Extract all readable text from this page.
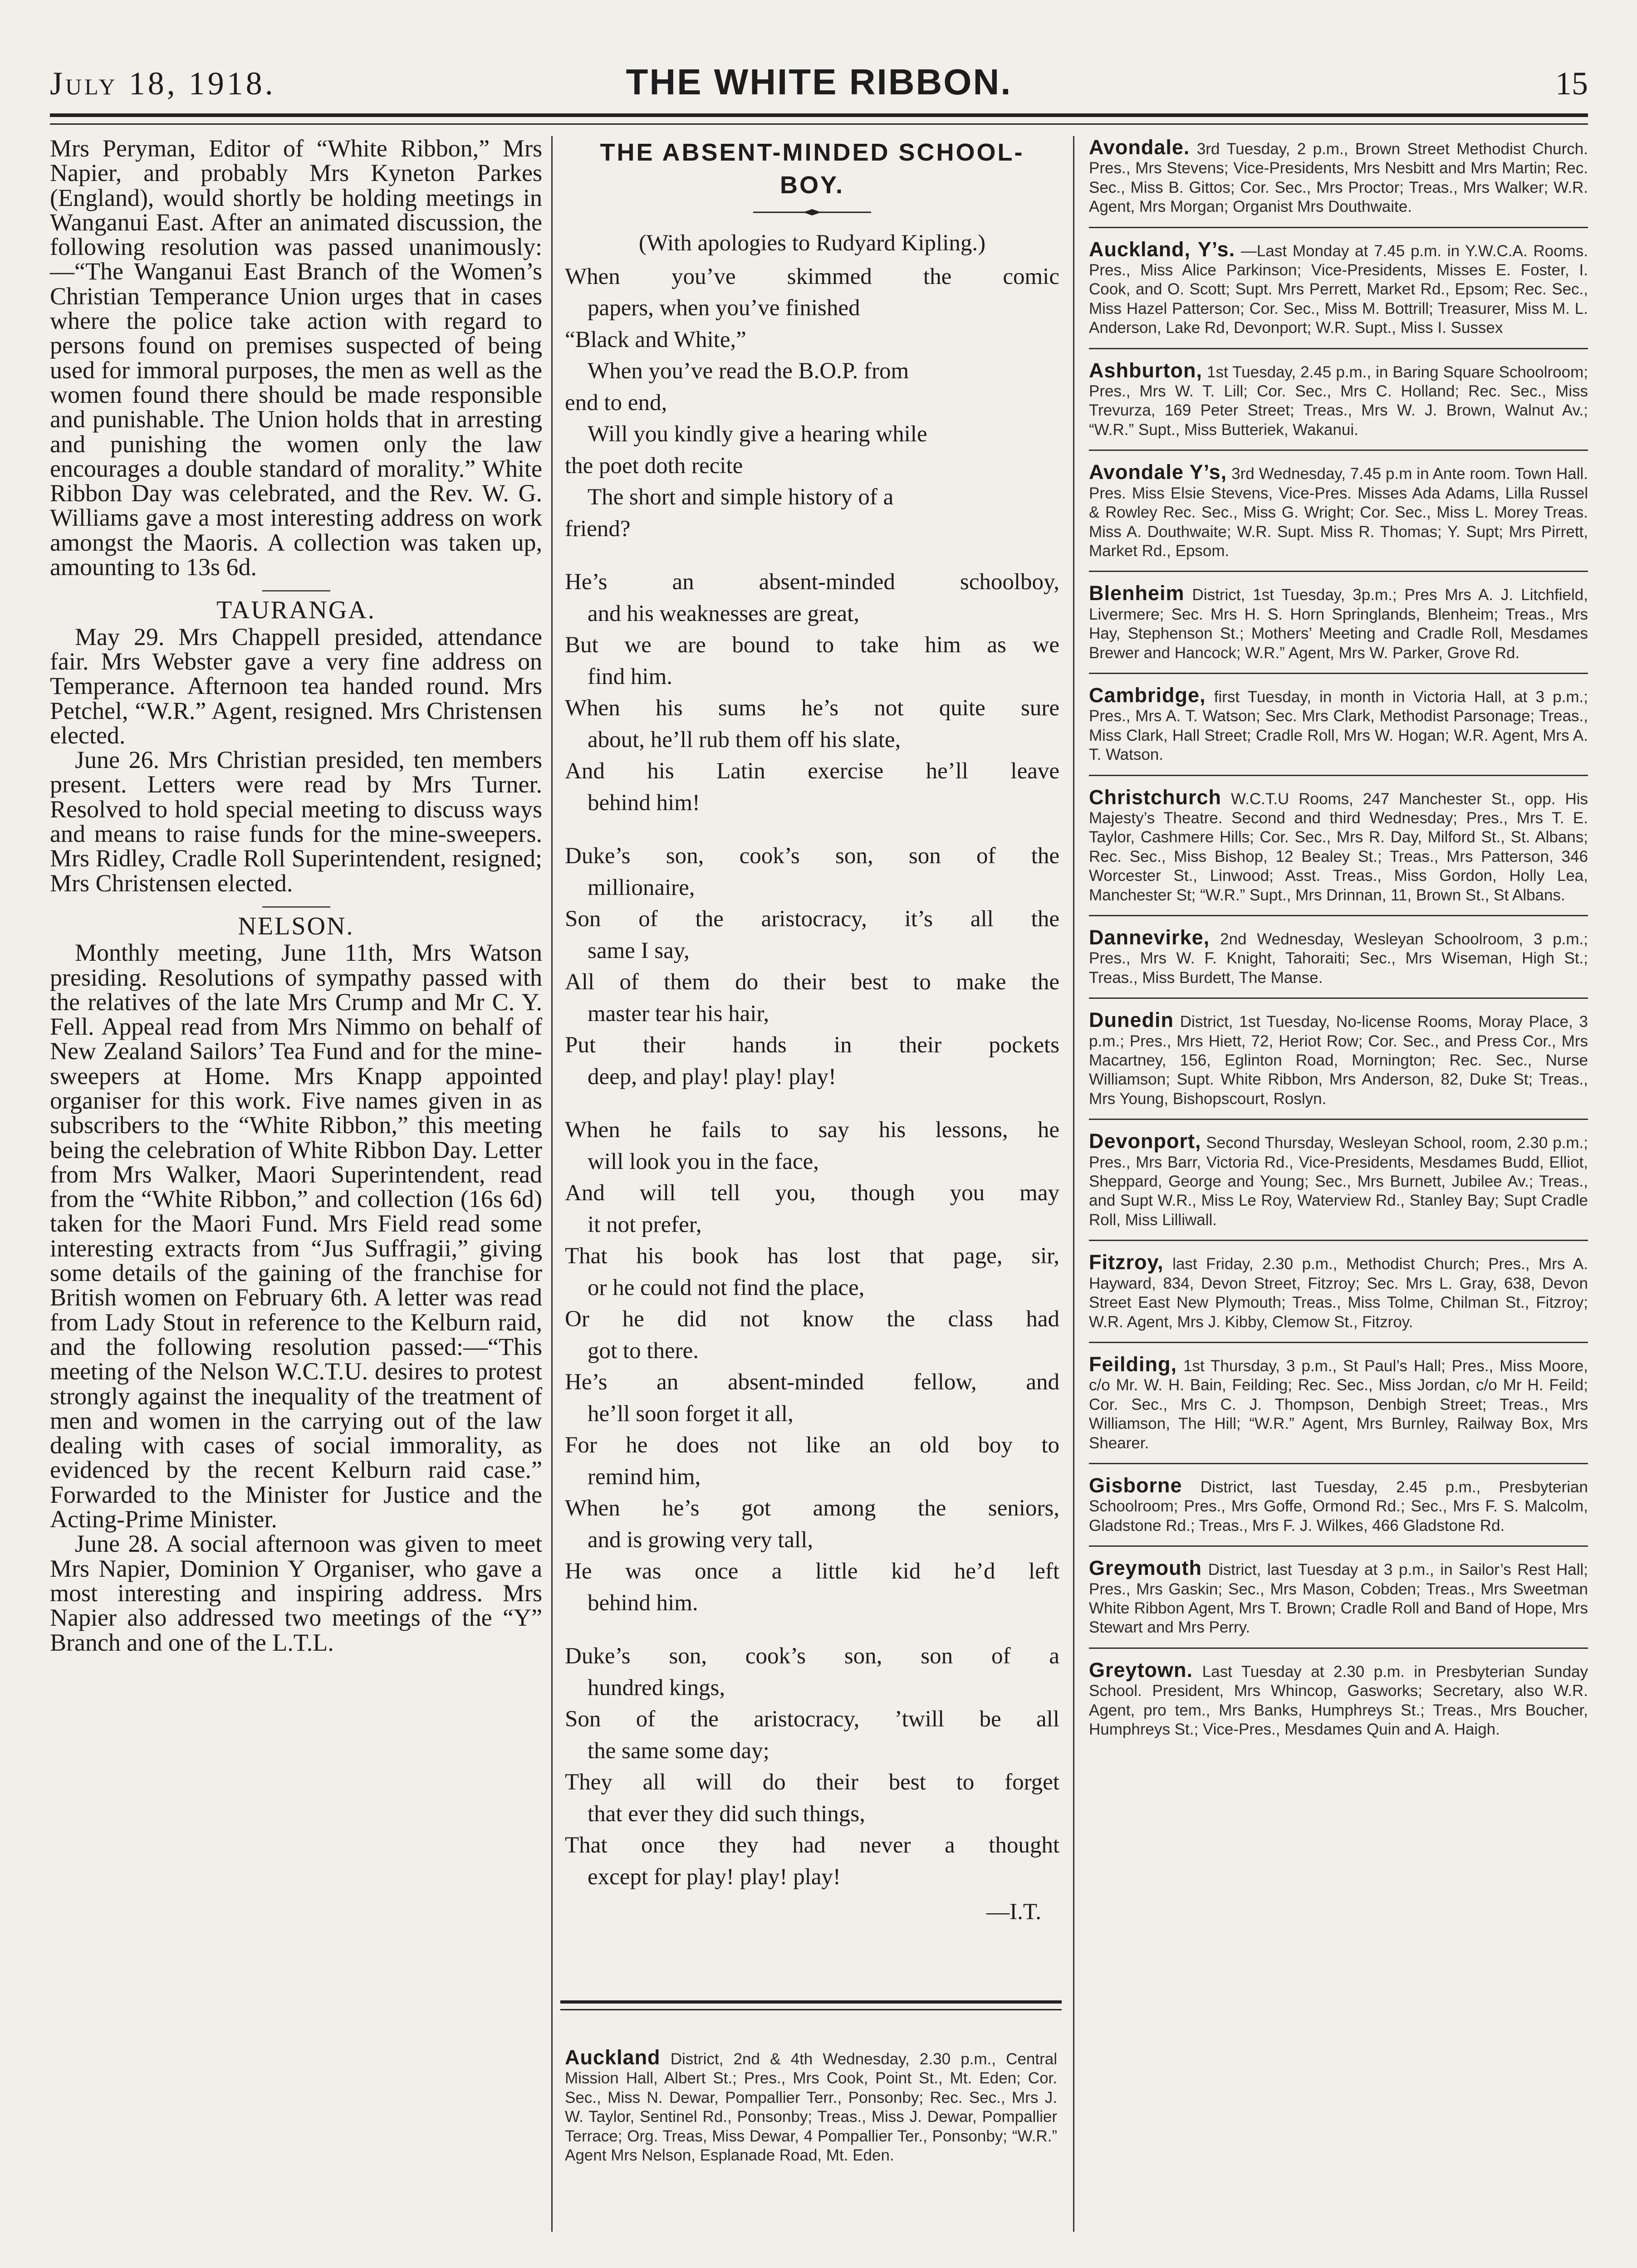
July 18, 1918.	THE WHITE RIBBON.	15

Mrs Peryman, Editor of “White Ribbon,” Mrs Napier, and probably Mrs Kyneton Parkes (England), would shortly be holding meetings in Wanganui East. After an animated discussion, the following resolution was passed unanimously:—“The Wanganui East Branch of the Women’s Christian Temperance Union urges that in cases where the police take action with regard to persons found on premises suspected of being used for immoral purposes, the men as well as the women found there should be made responsible and punishable. The Union holds that in arresting and punishing the women only the law encourages a double standard of morality.” White Ribbon Day was celebrated, and the Rev. W. G. Williams gave a most interesting address on work amongst the Maoris. A collection was taken up, amounting to 13s 6d.

TAURANGA.

May 29. Mrs Chappell presided, attendance fair. Mrs Webster gave a very fine address on Temperance. Afternoon tea handed round. Mrs Petchel, “W.R.” Agent, resigned. Mrs Christensen elected.

June 26. Mrs Christian presided, ten members present. Letters were read by Mrs Turner. Resolved to hold special meeting to discuss ways and means to raise funds for the mine-sweepers. Mrs Ridley, Cradle Roll Superintendent, resigned; Mrs Christensen elected.

NELSON.

Monthly meeting, June 11th, Mrs Watson presiding. Resolutions of sympathy passed with the relatives of the late Mrs Crump and Mr C. Y. Fell. Appeal read from Mrs Nimmo on behalf of New Zealand Sailors’ Tea Fund and for the mine-sweepers at Home. Mrs Knapp appointed organiser for this work. Five names given in as subscribers to the “White Ribbon,” this meeting being the celebration of White Ribbon Day. Letter from Mrs Walker, Maori Superintendent, read from the “White Ribbon,” and collection (16s 6d) taken for the Maori Fund. Mrs Field read some interesting extracts from “Jus Suffragii,” giving some details of the gaining of the franchise for British women on February 6th. A letter was read from Lady Stout in reference to the Kelburn raid, and the following resolution passed:—“This meeting of the Nelson W.C.T.U. desires to protest strongly against the inequality of the treatment of men and women in the carrying out of the law dealing with cases of social immorality, as evidenced by the recent Kelburn raid case.” Forwarded to the Minister for Justice and the Acting-Prime Minister.

June 28. A social afternoon was given to meet Mrs Napier, Dominion Y Organiser, who gave a most interesting and inspiring address. Mrs Napier also addressed two meetings of the “Y” Branch and one of the L.T.L.

THE ABSENT-MINDED SCHOOL-
BOY.
(With apologies to Rudyard Kipling.)
When you’ve skimmed the comic
papers, when you’ve finished
“Black and White,”
When you’ve read the B.O.P. from
end to end,
Will you kindly give a hearing while
the poet doth recite
The short and simple history of a
friend?
He’s an absent-minded schoolboy,
and his weaknesses are great,
But we are bound to take him as we
find him.
When his sums he’s not quite sure
about, he’ll rub them off his slate,
And his Latin exercise he’ll leave
behind him!
Duke’s son, cook’s son, son of the
millionaire,
Son of the aristocracy, it’s all the
same I say,
All of them do their best to make the
master tear his hair,
Put their hands in their pockets
deep, and play! play! play!
When he fails to say his lessons, he
will look you in the face,
And will tell you, though you may
it not prefer,
That his book has lost that page, sir,
or he could not find the place,
Or he did not know the class had
got to there.
He’s an absent-minded fellow, and
he’ll soon forget it all,
For he does not like an old boy to
remind him,
When he’s got among the seniors,
and is growing very tall,
He was once a little kid he’d left
behind him.
Duke’s son, cook’s son, son of a
hundred kings,
Son of the aristocracy, ’twill be all
the same some day;
They all will do their best to forget
that ever they did such things,
That once they had never a thought
except for play! play! play!
—I.T.
Auckland District, 2nd & 4th Wednesday, 2.30 p.m., Central Mission Hall, Albert St.; Pres., Mrs Cook, Point St., Mt. Eden; Cor. Sec., Miss N. Dewar, Pompallier Terr., Ponsonby; Rec. Sec., Mrs J. W. Taylor, Sentinel Rd., Ponsonby; Treas., Miss J. Dewar, Pompallier Terrace; Org. Treas, Miss Dewar, 4 Pompallier Ter., Ponsonby; “W.R.” Agent Mrs Nelson, Esplanade Road, Mt. Eden.
Avondale. 3rd Tuesday, 2 p.m., Brown Street Methodist Church. Pres., Mrs Stevens; Vice-Presidents, Mrs Nesbitt and Mrs Martin; Rec. Sec., Miss B. Gittos; Cor. Sec., Mrs Proctor; Treas., Mrs Walker; W.R. Agent, Mrs Morgan; Organist Mrs Douthwaite.
Auckland, Y’s. —Last Monday at 7.45 p.m. in Y.W.C.A. Rooms. Pres., Miss Alice Parkinson; Vice-Presidents, Misses E. Foster, I. Cook, and O. Scott; Supt. Mrs Perrett, Market Rd., Epsom; Rec. Sec., Miss Hazel Patterson; Cor. Sec., Miss M. Bottrill; Treasurer, Miss M. L. Anderson, Lake Rd, Devonport; W.R. Supt., Miss I. Sussex
Ashburton, 1st Tuesday, 2.45 p.m., in Baring Square Schoolroom; Pres., Mrs W. T. Lill; Cor. Sec., Mrs C. Holland; Rec. Sec., Miss Trevurza, 169 Peter Street; Treas., Mrs W. J. Brown, Walnut Av.; “W.R.” Supt., Miss Butteriek, Wakanui.
Avondale Y’s, 3rd Wednesday, 7.45 p.m in Ante room. Town Hall. Pres. Miss Elsie Stevens, Vice-Pres. Misses Ada Adams, Lilla Russel & Rowley Rec. Sec., Miss G. Wright; Cor. Sec., Miss L. Morey Treas. Miss A. Douthwaite; W.R. Supt. Miss R. Thomas; Y. Supt; Mrs Pirrett, Market Rd., Epsom.
Blenheim District, 1st Tuesday, 3p.m.; Pres Mrs A. J. Litchfield, Livermere; Sec. Mrs H. S. Horn Springlands, Blenheim; Treas., Mrs Hay, Stephenson St.; Mothers’ Meeting and Cradle Roll, Mesdames Brewer and Hancock; W.R.” Agent, Mrs W. Parker, Grove Rd.
Cambridge, first Tuesday, in month in Victoria Hall, at 3 p.m.; Pres., Mrs A. T. Watson; Sec. Mrs Clark, Methodist Parsonage; Treas., Miss Clark, Hall Street; Cradle Roll, Mrs W. Hogan; W.R. Agent, Mrs A. T. Watson.
Christchurch W.C.T.U Rooms, 247 Manchester St., opp. His Majesty’s Theatre. Second and third Wednesday; Pres., Mrs T. E. Taylor, Cashmere Hills; Cor. Sec., Mrs R. Day, Milford St., St. Albans; Rec. Sec., Miss Bishop, 12 Bealey St.; Treas., Mrs Patterson, 346 Worcester St., Linwood; Asst. Treas., Miss Gordon, Holly Lea, Manchester St; “W.R.” Supt., Mrs Drinnan, 11, Brown St., St Albans.
Dannevirke, 2nd Wednesday, Wesleyan Schoolroom, 3 p.m.; Pres., Mrs W. F. Knight, Tahoraiti; Sec., Mrs Wiseman, High St.; Treas., Miss Burdett, The Manse.
Dunedin District, 1st Tuesday, No-license Rooms, Moray Place, 3 p.m.; Pres., Mrs Hiett, 72, Heriot Row; Cor. Sec., and Press Cor., Mrs Macartney, 156, Eglinton Road, Mornington; Rec. Sec., Nurse Williamson; Supt. White Ribbon, Mrs Anderson, 82, Duke St; Treas., Mrs Young, Bishopscourt, Roslyn.
Devonport, Second Thursday, Wesleyan School, room, 2.30 p.m.; Pres., Mrs Barr, Victoria Rd., Vice-Presidents, Mesdames Budd, Elliot, Sheppard, George and Young; Sec., Mrs Burnett, Jubilee Av.; Treas., and Supt W.R., Miss Le Roy, Waterview Rd., Stanley Bay; Supt Cradle Roll, Miss Lilliwall.
Fitzroy, last Friday, 2.30 p.m., Methodist Church; Pres., Mrs A. Hayward, 834, Devon Street, Fitzroy; Sec. Mrs L. Gray, 638, Devon Street East New Plymouth; Treas., Miss Tolme, Chilman St., Fitzroy; W.R. Agent, Mrs J. Kibby, Clemow St., Fitzroy.
Feilding, 1st Thursday, 3 p.m., St Paul’s Hall; Pres., Miss Moore, c/o Mr. W. H. Bain, Feilding; Rec. Sec., Miss Jordan, c/o Mr H. Feild; Cor. Sec., Mrs C. J. Thompson, Denbigh Street; Treas., Mrs Williamson, The Hill; “W.R.” Agent, Mrs Burnley, Railway Box, Mrs Shearer.
Gisborne District, last Tuesday, 2.45 p.m., Presbyterian Schoolroom; Pres., Mrs Goffe, Ormond Rd.; Sec., Mrs F. S. Malcolm, Gladstone Rd.; Treas., Mrs F. J. Wilkes, 466 Gladstone Rd.
Greymouth District, last Tuesday at 3 p.m., in Sailor’s Rest Hall; Pres., Mrs Gaskin; Sec., Mrs Mason, Cobden; Treas., Mrs Sweetman White Ribbon Agent, Mrs T. Brown; Cradle Roll and Band of Hope, Mrs Stewart and Mrs Perry.
Greytown. Last Tuesday at 2.30 p.m. in Presbyterian Sunday School. President, Mrs Whincop, Gasworks; Secretary, also W.R. Agent, pro tem., Mrs Banks, Humphreys St.; Treas., Mrs Boucher, Humphreys St.; Vice-Pres., Mesdames Quin and A. Haigh.
